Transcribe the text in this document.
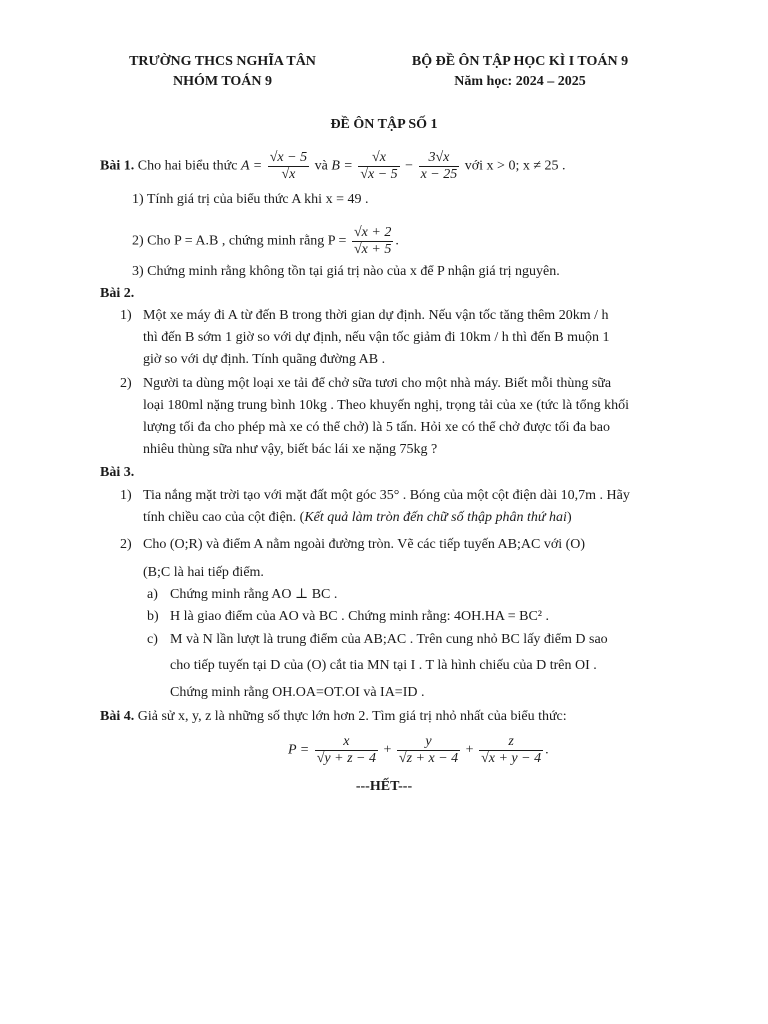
TRƯỜNG THCS NGHĨA TÂN
NHÓM TOÁN 9
BỘ ĐỀ ÔN TẬP HỌC KÌ I TOÁN 9
Năm học: 2024 – 2025
ĐỀ ÔN TẬP SỐ 1
Bài 1. Cho hai biểu thức $A = \frac{√x - 5}{√x}$ và $B = \frac{√x}{√x - 5} - \frac{3√x}{x - 25}$ với x > 0; x ≠ 25 .
1) Tính giá trị của biểu thức A khi x = 49 .
2) Cho P = A.B , chứng minh rằng $P = \frac{√x + 2}{√x + 5}$ .
3) Chứng minh rằng không tồn tại giá trị nào của x để P nhận giá trị nguyên.
Bài 2.
1) Một xe máy đi A từ đến B trong thời gian dự định. Nếu vận tốc tăng thêm 20km / h
thì đến B sớm 1 giờ so với dự định, nếu vận tốc giảm đi 10km / h thì đến B muộn 1
giờ so với dự định. Tính quãng đường AB .
2) Người ta dùng một loại xe tải để chở sữa tươi cho một nhà máy. Biết mỗi thùng sữa
loại 180ml nặng trung bình 10kg . Theo khuyến nghị, trọng tải của xe (tức là tổng khối
lượng tối đa cho phép mà xe có thể chở) là 5 tấn. Hỏi xe có thể chở được tối đa bao
nhiêu thùng sữa như vậy, biết bác lái xe nặng 75kg ?
Bài 3.
1) Tia nắng mặt trời tạo với mặt đất một góc 35° . Bóng của một cột điện dài 10,7m . Hãy
tính chiều cao của cột điện. (Kết quả làm tròn đến chữ số thập phân thứ hai)
2) Cho (O;R) và điểm A nằm ngoài đường tròn. Vẽ các tiếp tuyến AB;AC với (O)
(B;C là hai tiếp điểm.
a) Chứng minh rằng AO ⊥ BC .
b) H là giao điểm của AO và BC . Chứng minh rằng: 4OH.HA = BC² .
c) M và N lần lượt là trung điểm của AB;AC . Trên cung nhỏ BC lấy điểm D sao
cho tiếp tuyến tại D của (O) cắt tia MN tại I . T là hình chiếu của D trên OI .
Chứng minh rằng OH.OA=OT.OI và IA=ID .
Bài 4. Giả sử x, y, z là những số thực lớn hơn 2. Tìm giá trị nhỏ nhất của biểu thức:
$P = \frac{x}{√y + z - 4} + \frac{y}{√z + x - 4} + \frac{z}{√x + y - 4}$ .
---HẾT---
